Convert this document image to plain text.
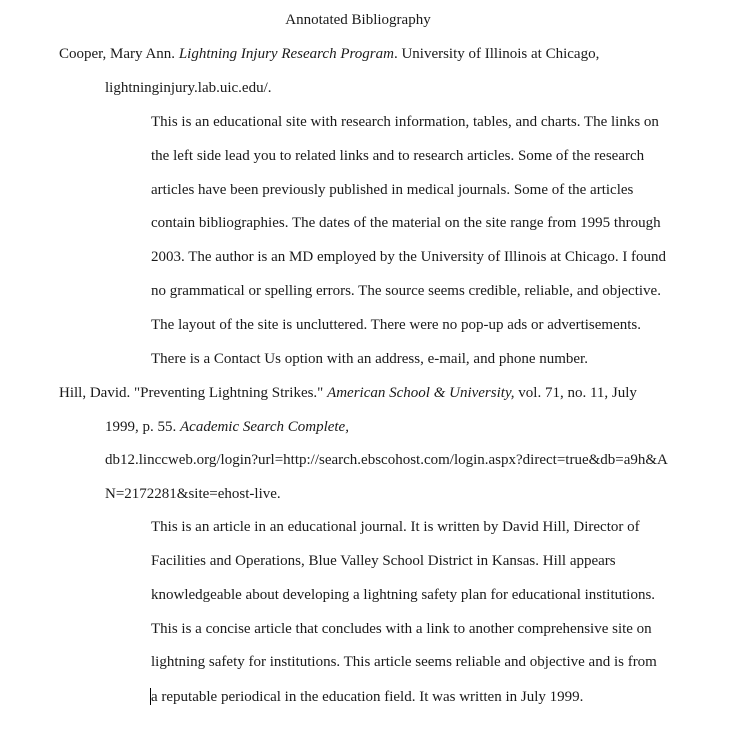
Annotated Bibliography
Cooper, Mary Ann. Lightning Injury Research Program. University of Illinois at Chicago,
lightninginjury.lab.uic.edu/.
This is an educational site with research information, tables, and charts. The links on
the left side lead you to related links and to research articles. Some of the research
articles have been previously published in medical journals. Some of the articles
contain bibliographies. The dates of the material on the site range from 1995 through
2003. The author is an MD employed by the University of Illinois at Chicago. I found
no grammatical or spelling errors. The source seems credible, reliable, and objective.
The layout of the site is uncluttered. There were no pop-up ads or advertisements.
There is a Contact Us option with an address, e-mail, and phone number.
Hill, David. "Preventing Lightning Strikes." American School & University, vol. 71, no. 11, July
1999, p. 55. Academic Search Complete,
db12.linccweb.org/login?url=http://search.ebscohost.com/login.aspx?direct=true&db=a9h&A
N=2172281&site=ehost-live.
This is an article in an educational journal. It is written by David Hill, Director of
Facilities and Operations, Blue Valley School District in Kansas. Hill appears
knowledgeable about developing a lightning safety plan for educational institutions.
This is a concise article that concludes with a link to another comprehensive site on
lightning safety for institutions. This article seems reliable and objective and is from
a reputable periodical in the education field. It was written in July 1999.
